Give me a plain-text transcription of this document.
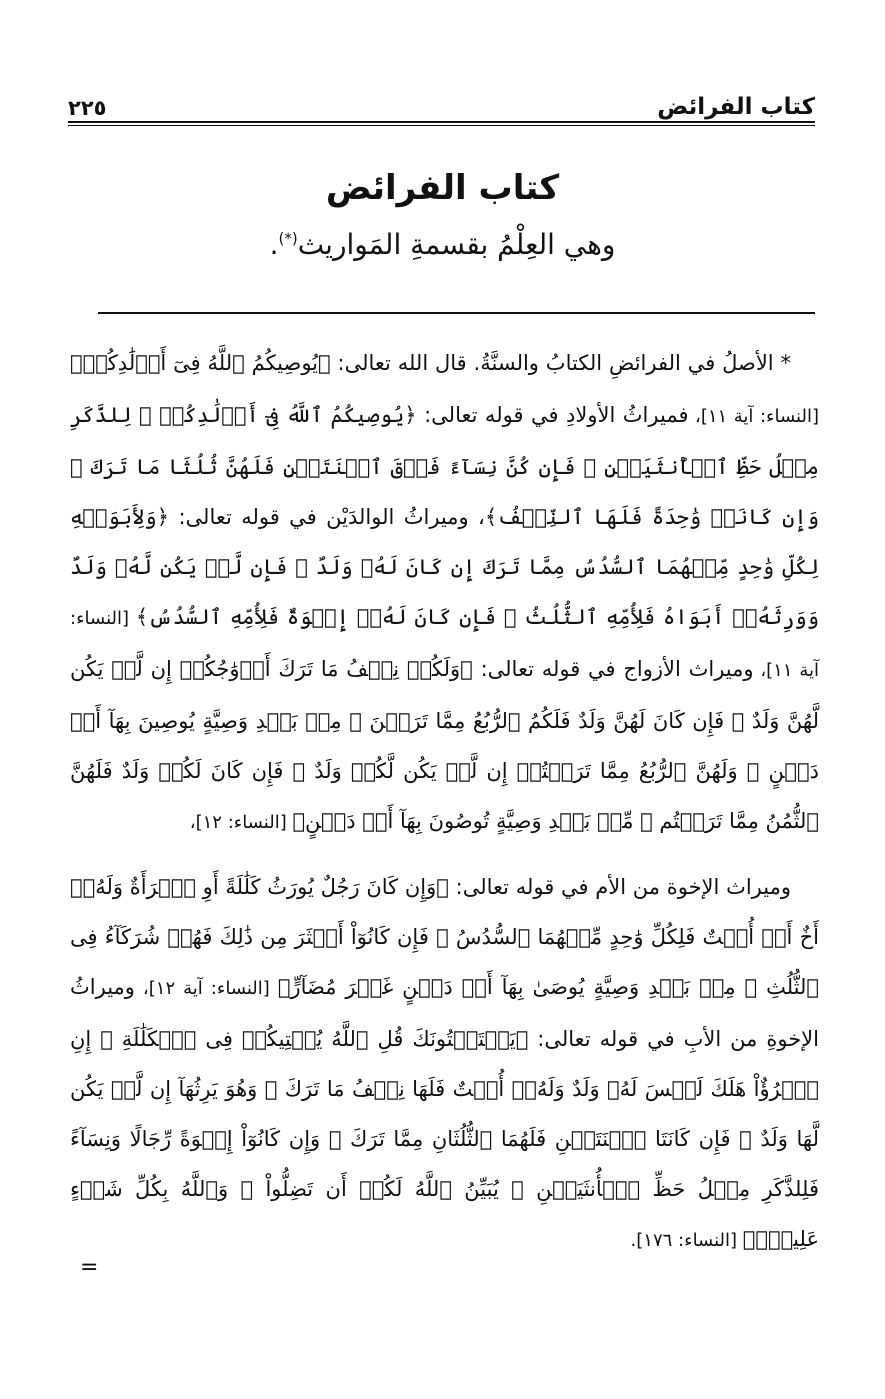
كتاب الفرائض
٢٢٥
كتاب الفرائض
وهي العِلْمُ بقسمةِ المَواريث(*).

* الأصلُ في الفرائضِ الكتابُ والسنَّةُ. قال الله تعالى: ﴿يُوصِيكُمُ ٱللَّهُ فِىٓ أَوۡلَٰدِكُمۡ﴾ [النساء: آية ١١]، فميراثُ الأولادِ في قوله تعالى: ﴿يُوصِيكُمُ ٱللَّهُ فِىٓ أَوۡلَٰدِكُمۡ ۖ لِلذَّكَرِ مِثۡلُ حَظِّ ٱلۡأُنثَيَيۡنِ ۚ فَإِن كُنَّ نِسَآءً فَوۡقَ ٱثۡنَتَيۡنِ فَلَهُنَّ ثُلُثَا مَا تَرَكَ ۖ وَإِن كَانَتۡ وَٰحِدَةً فَلَهَا ٱلنِّصۡفُ﴾، وميراثُ الوالدَيْن في قوله تعالى: ﴿وَلِأَبَوَيۡهِ لِكُلِّ وَٰحِدٍ مِّنۡهُمَا ٱلسُّدُسُ مِمَّا تَرَكَ إِن كَانَ لَهُۥ وَلَدٌ ۚ فَإِن لَّمۡ يَكُن لَّهُۥ وَلَدٌ وَوَرِثَهُۥٓ أَبَوَاهُ فَلِأُمِّهِ ٱلثُّلُثُ ۚ فَإِن كَانَ لَهُۥٓ إِخۡوَةٌ فَلِأُمِّهِ ٱلسُّدُسُ﴾ [النساء: آية ١١]، وميراث الأزواج في قوله تعالى: ﴿وَلَكُمۡ نِصۡفُ مَا تَرَكَ أَزۡوَٰجُكُمۡ إِن لَّمۡ يَكُن لَّهُنَّ وَلَدٌ ۚ فَإِن كَانَ لَهُنَّ وَلَدٌ فَلَكُمُ ٱلرُّبُعُ مِمَّا تَرَكۡنَ ۚ مِنۢ بَعۡدِ وَصِيَّةٍ يُوصِينَ بِهَآ أَوۡ دَيۡنٍ ۚ وَلَهُنَّ ٱلرُّبُعُ مِمَّا تَرَكۡتُمۡ إِن لَّمۡ يَكُن لَّكُمۡ وَلَدٌ ۚ فَإِن كَانَ لَكُمۡ وَلَدٌ فَلَهُنَّ ٱلثُّمُنُ مِمَّا تَرَكۡتُم ۚ مِّنۢ بَعۡدِ وَصِيَّةٍ تُوصُونَ بِهَآ أَوۡ دَيۡنٍ﴾ [النساء: ١٢]،

وميراث الإخوة من الأم في قوله تعالى: ﴿وَإِن كَانَ رَجُلٌ يُورَثُ كَلَٰلَةً أَوِ ٱمۡرَأَةٌ وَلَهُۥٓ أَخٌ أَوۡ أُخۡتٌ فَلِكُلِّ وَٰحِدٍ مِّنۡهُمَا ٱلسُّدُسُ ۚ فَإِن كَانُوٓاْ أَكۡثَرَ مِن ذَٰلِكَ فَهُمۡ شُرَكَآءُ فِى ٱلثُّلُثِ ۚ مِنۢ بَعۡدِ وَصِيَّةٍ يُوصَىٰ بِهَآ أَوۡ دَيۡنٍ غَيۡرَ مُضَآرٍّ﴾ [النساء: آية ١٢]، وميراثُ الإخوةِ من الأبِ في قوله تعالى: ﴿يَسۡتَفۡتُونَكَ قُلِ ٱللَّهُ يُفۡتِيكُمۡ فِى ٱلۡكَلَٰلَةِ ۚ إِنِ ٱمۡرُؤٌاْ هَلَكَ لَيۡسَ لَهُۥ وَلَدٌ وَلَهُۥٓ أُخۡتٌ فَلَهَا نِصۡفُ مَا تَرَكَ ۚ وَهُوَ يَرِثُهَآ إِن لَّمۡ يَكُن لَّهَا وَلَدٌ ۚ فَإِن كَانَتَا ٱثۡنَتَيۡنِ فَلَهُمَا ٱلثُّلُثَانِ مِمَّا تَرَكَ ۚ وَإِن كَانُوٓاْ إِخۡوَةً رِّجَالًا وَنِسَآءً فَلِلذَّكَرِ مِثۡلُ حَظِّ ٱلۡأُنثَيَيۡنِ ۗ يُبَيِّنُ ٱللَّهُ لَكُمۡ أَن تَضِلُّواْ ۗ وَٱللَّهُ بِكُلِّ شَىۡءٍ عَلِيمٌۢ﴾ [النساء: ١٧٦].

=
